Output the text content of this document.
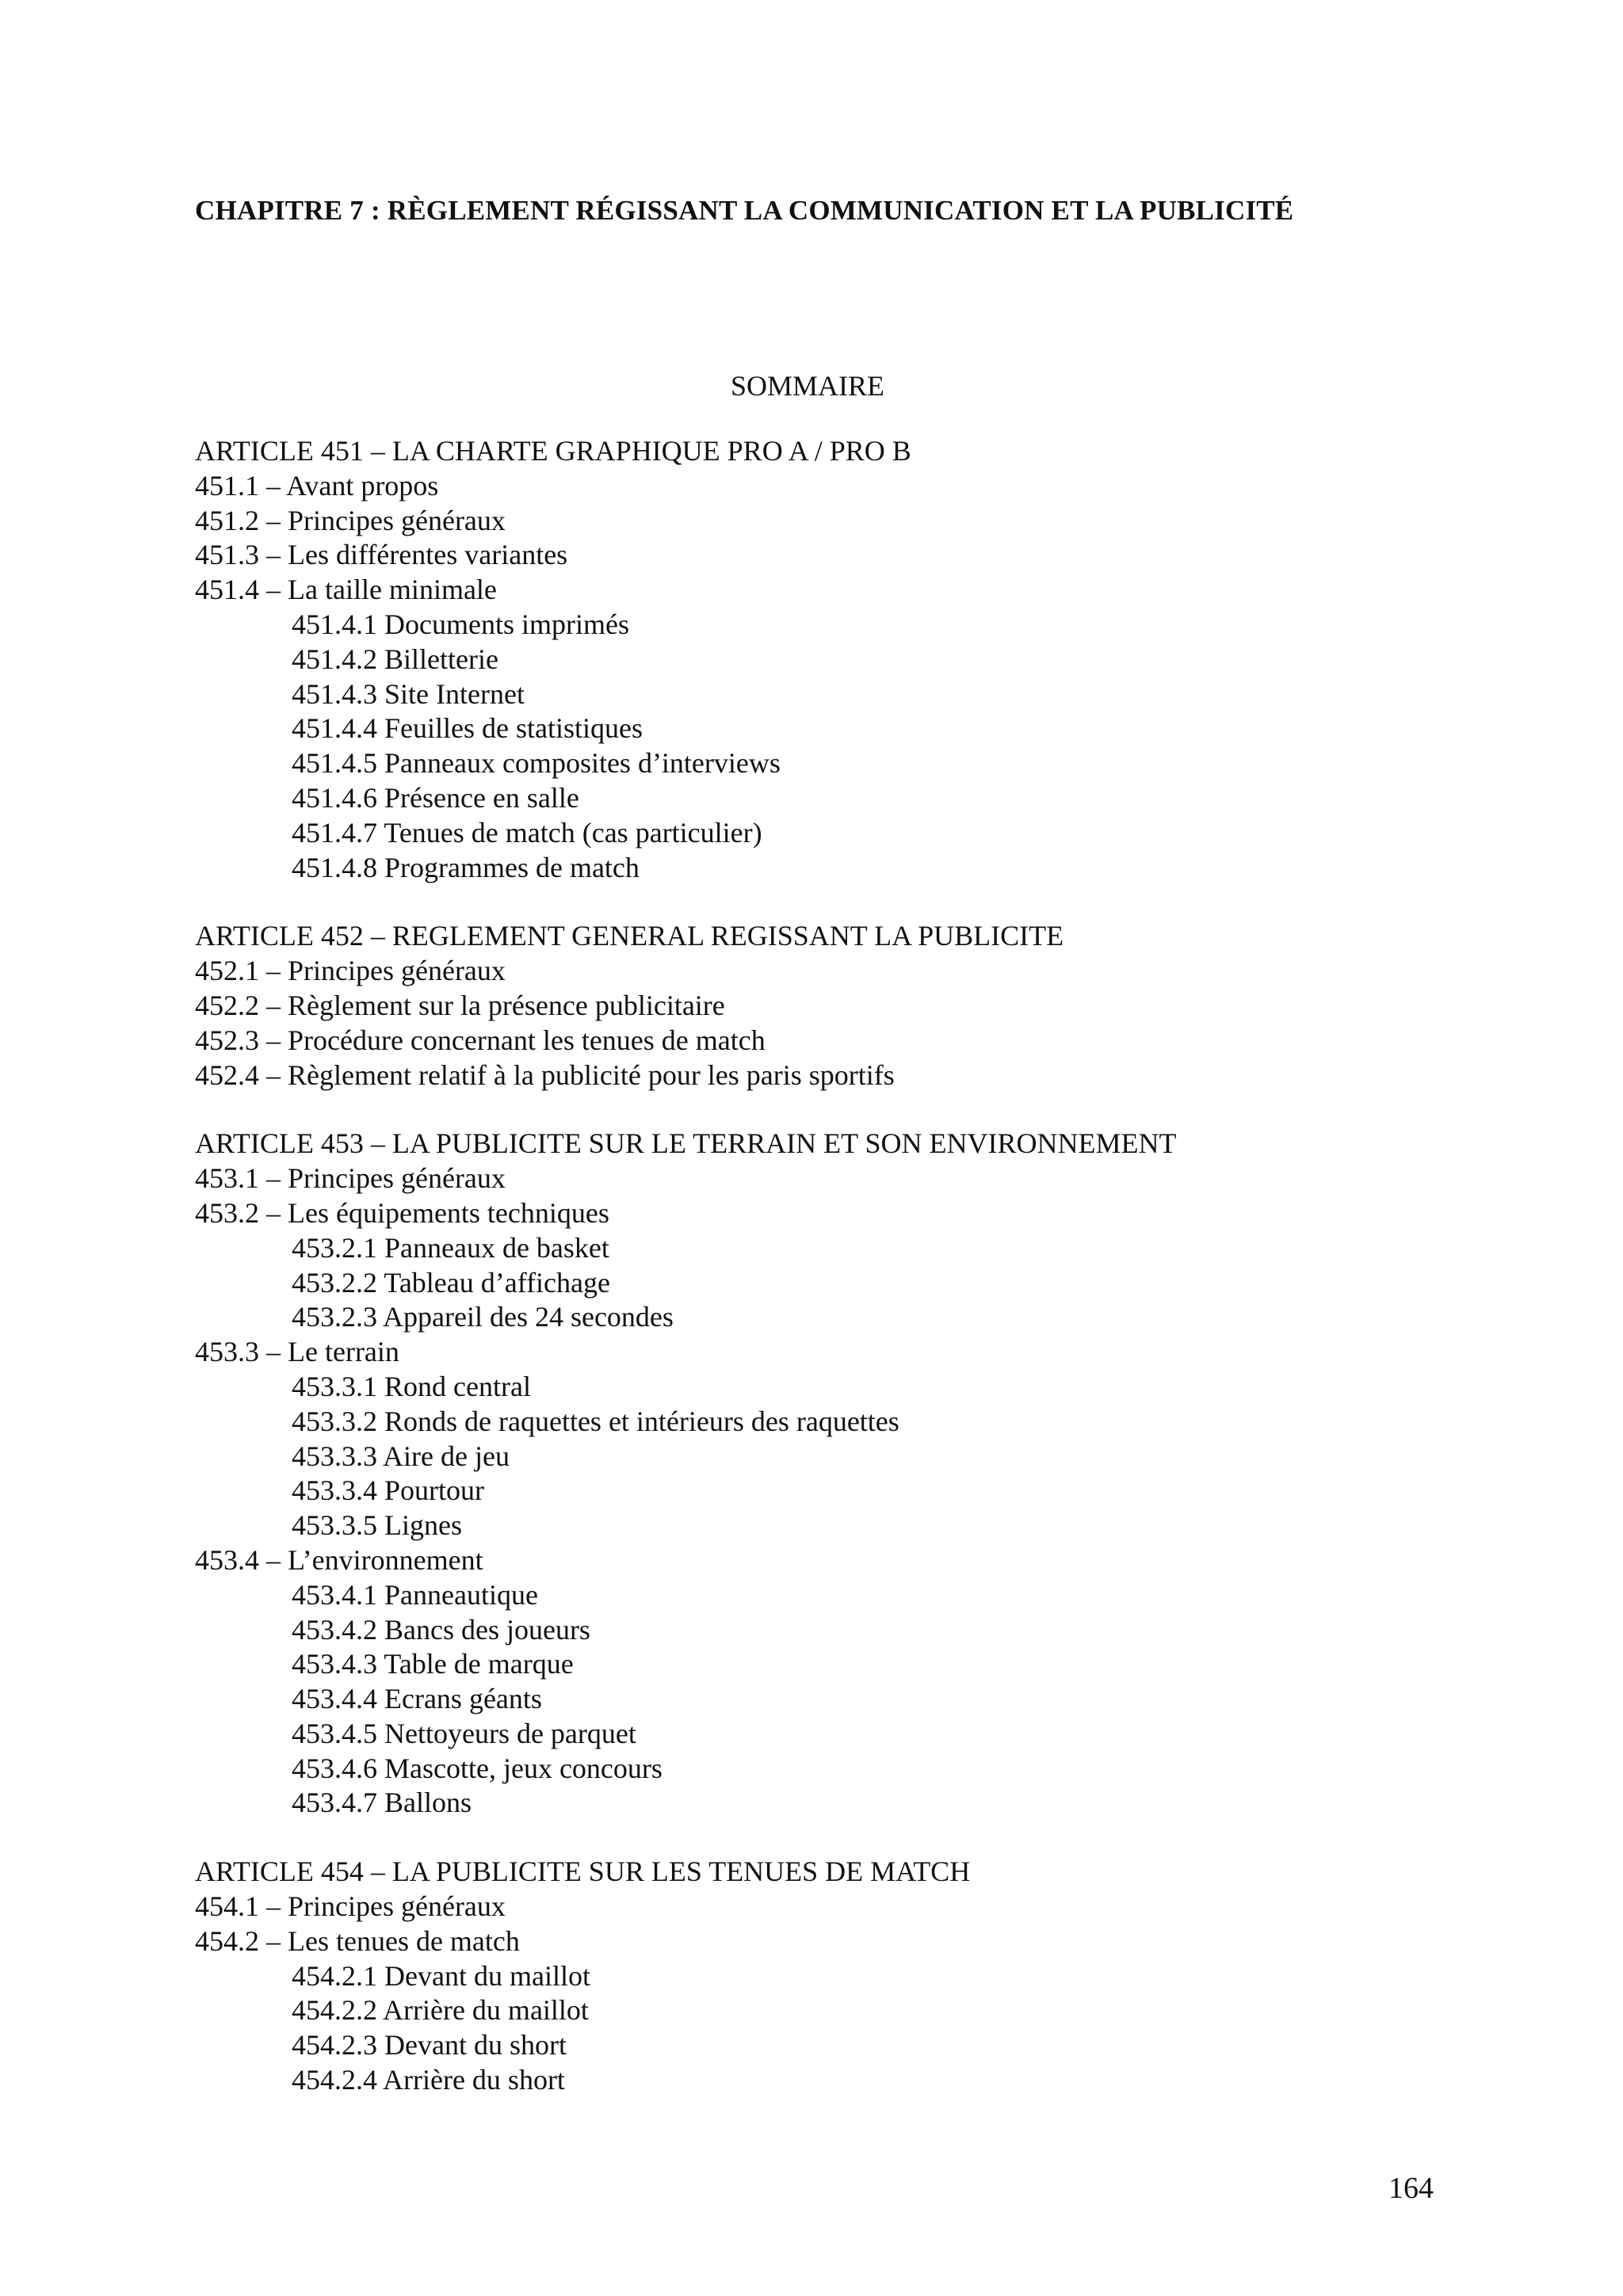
CHAPITRE 7 : RÈGLEMENT RÉGISSANT LA COMMUNICATION ET LA PUBLICITÉ
SOMMAIRE
ARTICLE 451 – LA CHARTE GRAPHIQUE PRO A / PRO B
451.1 – Avant propos
451.2 – Principes généraux
451.3 – Les différentes variantes
451.4 – La taille minimale
451.4.1 Documents imprimés
451.4.2 Billetterie
451.4.3 Site Internet
451.4.4 Feuilles de statistiques
451.4.5 Panneaux composites d’interviews
451.4.6 Présence en salle
451.4.7 Tenues de match (cas particulier)
451.4.8 Programmes de match
ARTICLE 452 – REGLEMENT GENERAL REGISSANT LA PUBLICITE
452.1 – Principes généraux
452.2 – Règlement sur la présence publicitaire
452.3 – Procédure concernant les tenues de match
452.4 – Règlement relatif à la publicité pour les paris sportifs
ARTICLE 453 – LA PUBLICITE SUR LE TERRAIN ET SON ENVIRONNEMENT
453.1 – Principes généraux
453.2 – Les équipements techniques
453.2.1 Panneaux de basket
453.2.2 Tableau d’affichage
453.2.3 Appareil des 24 secondes
453.3 – Le terrain
453.3.1 Rond central
453.3.2 Ronds de raquettes et intérieurs des raquettes
453.3.3 Aire de jeu
453.3.4 Pourtour
453.3.5 Lignes
453.4 – L’environnement
453.4.1 Panneautique
453.4.2 Bancs des joueurs
453.4.3 Table de marque
453.4.4 Ecrans géants
453.4.5 Nettoyeurs de parquet
453.4.6 Mascotte, jeux concours
453.4.7 Ballons
ARTICLE 454 – LA PUBLICITE SUR LES TENUES DE MATCH
454.1 – Principes généraux
454.2 – Les tenues de match
454.2.1 Devant du maillot
454.2.2 Arrière du maillot
454.2.3 Devant du short
454.2.4 Arrière du short
164
